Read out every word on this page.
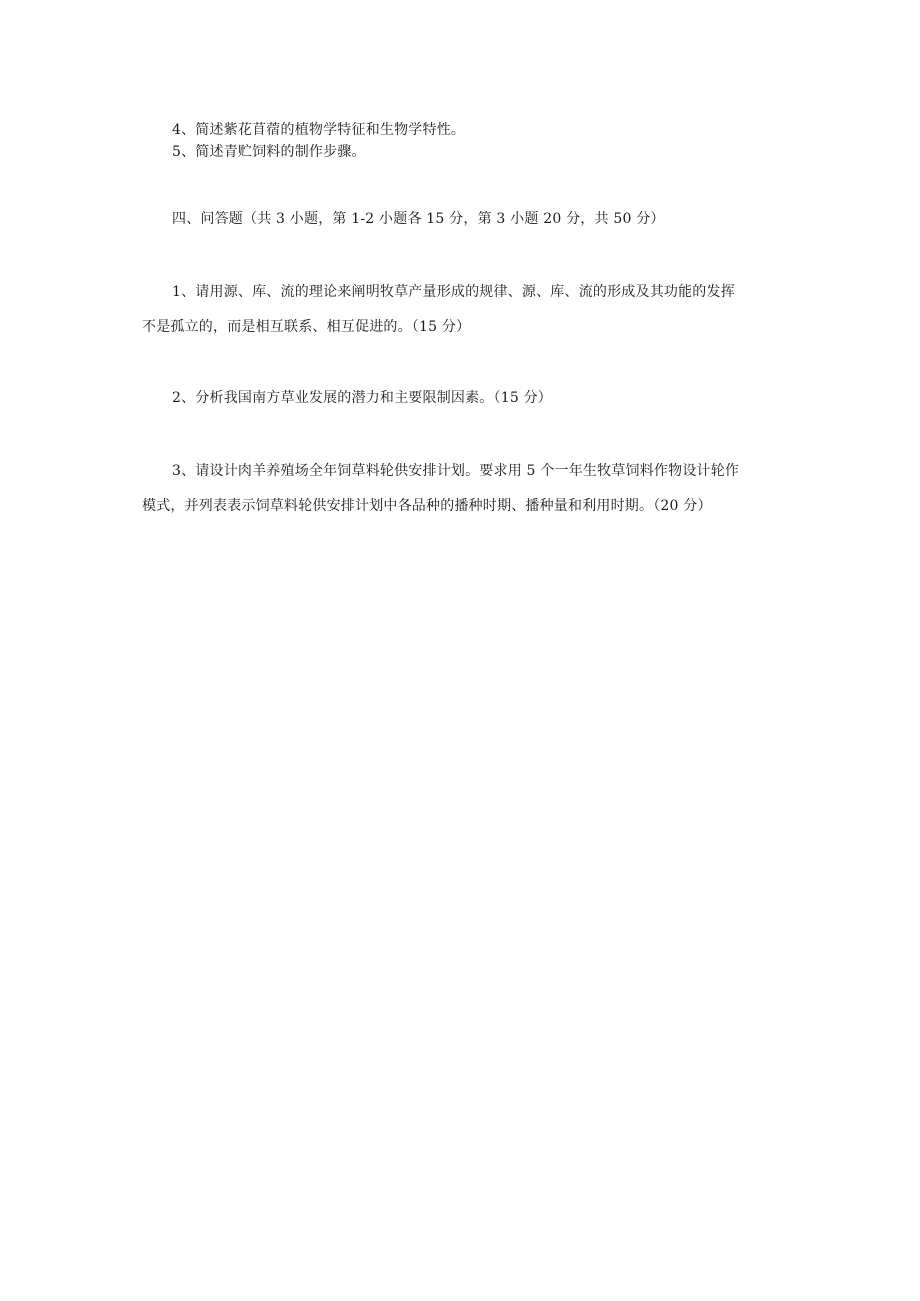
4、简述紫花苜蓿的植物学特征和生物学特性。
5、简述青贮饲料的制作步骤。
四、问答题（共 3 小题，第 1-2 小题各 15 分，第 3 小题 20 分，共 50 分）
1、请用源、库、流的理论来阐明牧草产量形成的规律、源、库、流的形成及其功能的发挥
不是孤立的，而是相互联系、相互促进的。（15 分）
2、分析我国南方草业发展的潜力和主要限制因素。（15 分）
3、请设计肉羊养殖场全年饲草料轮供安排计划。要求用 5 个一年生牧草饲料作物设计轮作
模式，并列表表示饲草料轮供安排计划中各品种的播种时期、播种量和利用时期。（20 分）
